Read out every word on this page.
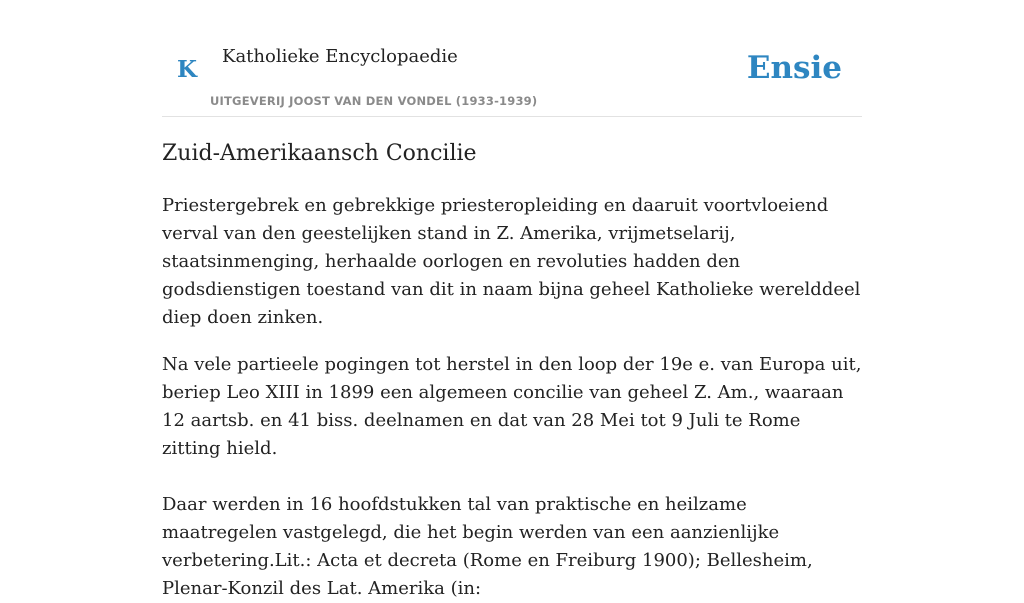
K Katholieke Encyclopaedie
UITGEVERIJ JOOST VAN DEN VONDEL (1933-1939)
Ensie
Zuid-Amerikaansch Concilie

Priestergebrek en gebrekkige priesteropleiding en daaruit voortvloeiend verval van den geestelijken stand in Z. Amerika, vrijmetselarij, staatsinmenging, herhaalde oorlogen en revoluties hadden den godsdienstigen toestand van dit in naam bijna geheel Katholieke werelddeel diep doen zinken.

Na vele partieele pogingen tot herstel in den loop der 19e e. van Europa uit, beriep Leo XIII in 1899 een algemeen concilie van geheel Z. Am., waaraan 12 aartsb. en 41 biss. deelnamen en dat van 28 Mei tot 9 Juli te Rome zitting hield.

Daar werden in 16 hoofdstukken tal van praktische en heilzame maatregelen vastgelegd, die het begin werden van een aanzienlijke verbetering.Lit.: Acta et decreta (Rome en Freiburg 1900); Bellesheim, Plenar-Konzil des Lat. Amerika (in:
